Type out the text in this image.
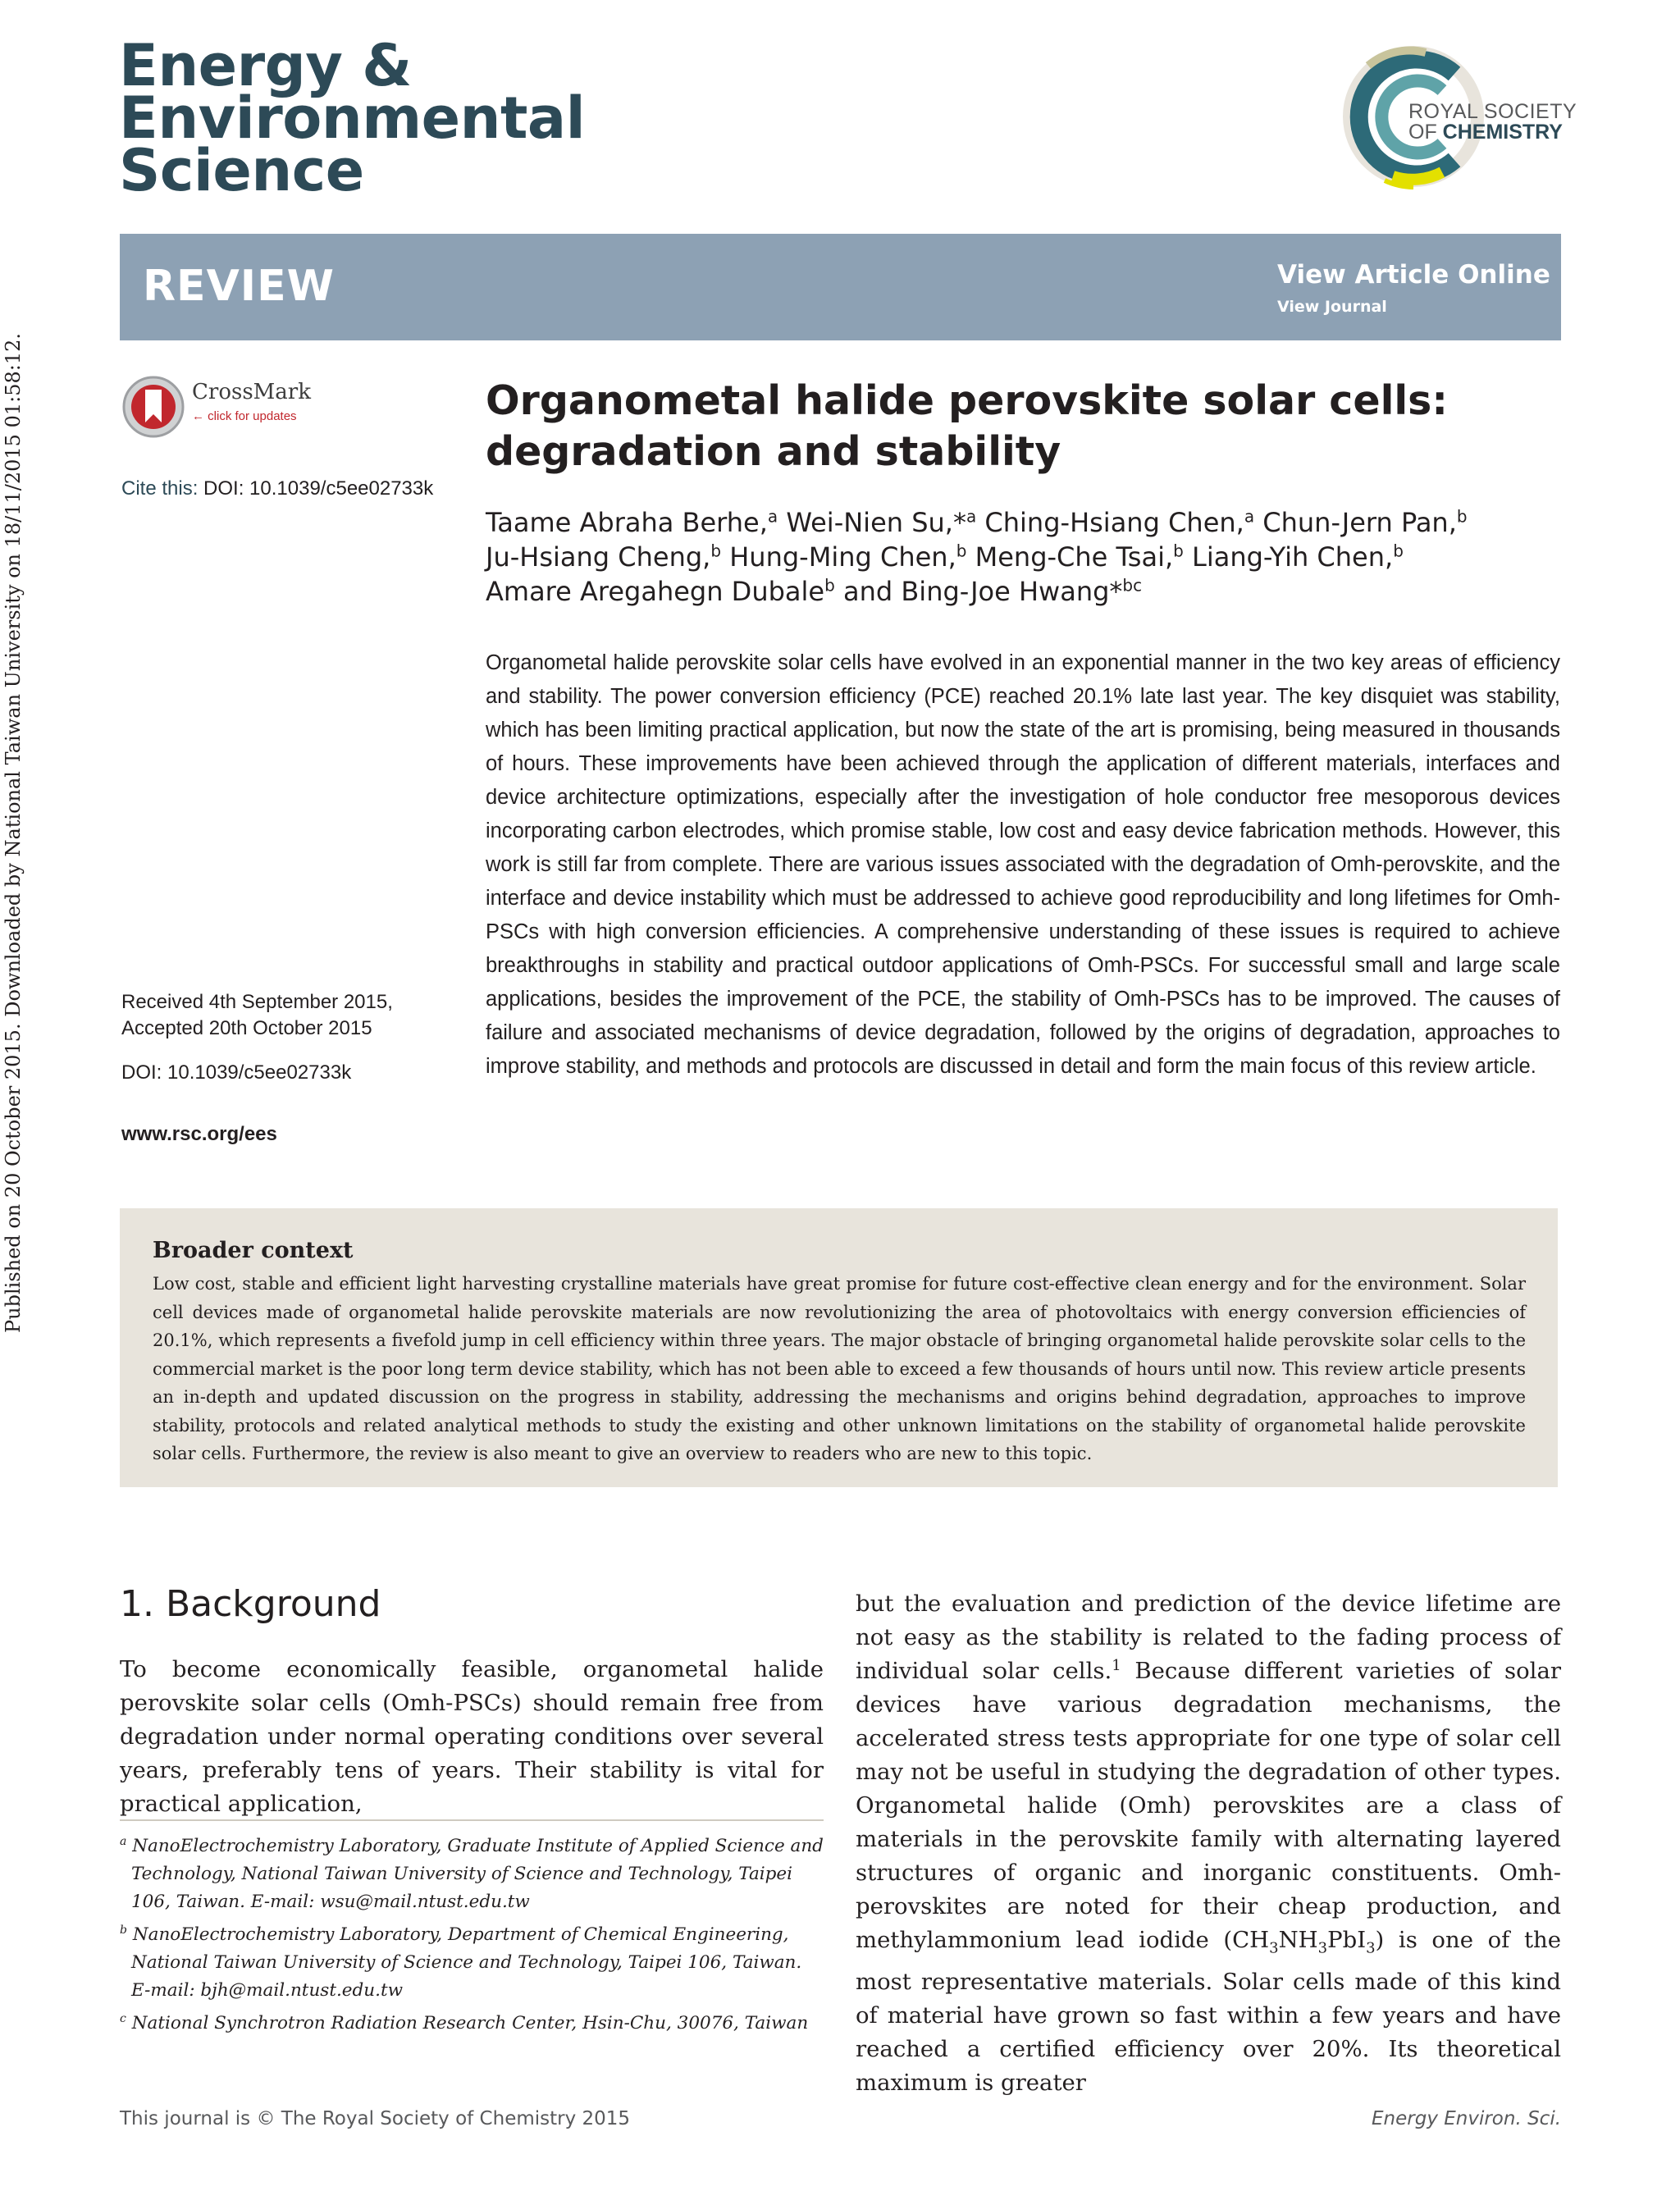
Energy &
Environmental
Science
ROYAL SOCIETY
OF CHEMISTRY
REVIEW	View Article Online
View Journal
Published on 20 October 2015. Downloaded by National Taiwan University on 18/11/2015 01:58:12.	CrossMark
← click for updates
Cite this: DOI: 10.1039/c5ee02733k
Received 4th September 2015,
Accepted 20th October 2015
DOI: 10.1039/c5ee02733k
www.rsc.org/ees
Organometal halide perovskite solar cells:
degradation and stability
Taame Abraha Berhe,$^a$ Wei-Nien Su,*$^a$ Ching-Hsiang Chen,$^a$ Chun-Jern Pan,$^b$
Ju-Hsiang Cheng,$^b$ Hung-Ming Chen,$^b$ Meng-Che Tsai,$^b$ Liang-Yih Chen,$^b$
Amare Aregahegn Dubale$^b$ and Bing-Joe Hwang*$^{bc}$
Organometal halide perovskite solar cells have evolved in an exponential manner in the two key areas of efficiency and stability. The power conversion efficiency (PCE) reached 20.1% late last year. The key disquiet was stability, which has been limiting practical application, but now the state of the art is promising, being measured in thousands of hours. These improvements have been achieved through the application of different materials, interfaces and device architecture optimizations, especially after the investigation of hole conductor free mesoporous devices incorporating carbon electrodes, which promise stable, low cost and easy device fabrication methods. However, this work is still far from complete. There are various issues associated with the degradation of Omh-perovskite, and the interface and device instability which must be addressed to achieve good reproducibility and long lifetimes for Omh-PSCs with high conversion efficiencies. A comprehensive understanding of these issues is required to achieve breakthroughs in stability and practical outdoor applications of Omh-PSCs. For successful small and large scale applications, besides the improvement of the PCE, the stability of Omh-PSCs has to be improved. The causes of failure and associated mechanisms of device degradation, followed by the origins of degradation, approaches to improve stability, and methods and protocols are discussed in detail and form the main focus of this review article.
Broader context
Low cost, stable and efficient light harvesting crystalline materials have great promise for future cost-effective clean energy and for the environment. Solar cell devices made of organometal halide perovskite materials are now revolutionizing the area of photovoltaics with energy conversion efficiencies of 20.1%, which represents a fivefold jump in cell efficiency within three years. The major obstacle of bringing organometal halide perovskite solar cells to the commercial market is the poor long term device stability, which has not been able to exceed a few thousands of hours until now. This review article presents an in-depth and updated discussion on the progress in stability, addressing the mechanisms and origins behind degradation, approaches to improve stability, protocols and related analytical methods to study the existing and other unknown limitations on the stability of organometal halide perovskite solar cells. Furthermore, the review is also meant to give an overview to readers who are new to this topic.
1. Background
To become economically feasible, organometal halide perovskite solar cells (Omh-PSCs) should remain free from degradation under normal operating conditions over several years, preferably tens of years. Their stability is vital for practical application,
$^a$ NanoElectrochemistry Laboratory, Graduate Institute of Applied Science and Technology, National Taiwan University of Science and Technology, Taipei 106, Taiwan. E-mail: wsu@mail.ntust.edu.tw
$^b$ NanoElectrochemistry Laboratory, Department of Chemical Engineering, National Taiwan University of Science and Technology, Taipei 106, Taiwan. E-mail: bjh@mail.ntust.edu.tw
$^c$ National Synchrotron Radiation Research Center, Hsin-Chu, 30076, Taiwan
but the evaluation and prediction of the device lifetime are not easy as the stability is related to the fading process of individual solar cells.$^1$ Because different varieties of solar devices have various degradation mechanisms, the accelerated stress tests appropriate for one type of solar cell may not be useful in studying the degradation of other types. Organometal halide (Omh) perovskites are a class of materials in the perovskite family with alternating layered structures of organic and inorganic constituents. Omh-perovskites are noted for their cheap production, and methylammonium lead iodide $(CH_3NH_3PbI_3)$ is one of the most representative materials. Solar cells made of this kind of material have grown so fast within a few years and have reached a certified efficiency over 20%. Its theoretical maximum is greater
This journal is © The Royal Society of Chemistry 2015	Energy Environ. Sci.
